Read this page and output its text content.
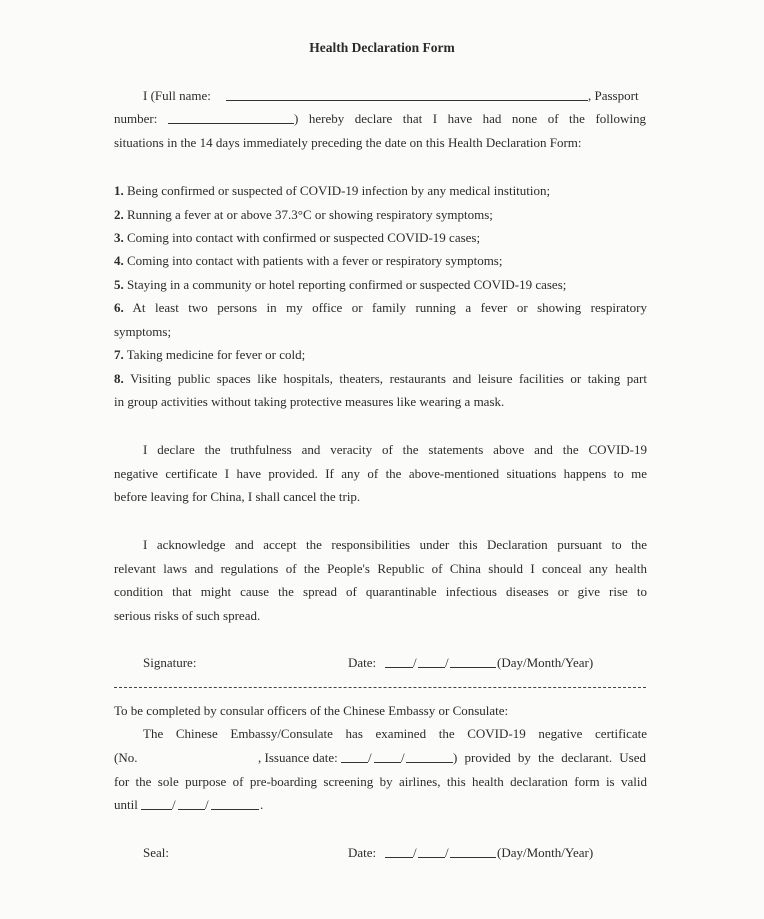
Health Declaration Form
I (Full name:	, Passport
number:	) hereby declare that I have had none of the following
situations in the 14 days immediately preceding the date on this Health Declaration Form:
1. Being confirmed or suspected of COVID-19 infection by any medical institution;
2. Running a fever at or above 37.3°C or showing respiratory symptoms;
3. Coming into contact with confirmed or suspected COVID-19 cases;
4. Coming into contact with patients with a fever or respiratory symptoms;
5. Staying in a community or hotel reporting confirmed or suspected COVID-19 cases;
6. At least two persons in my office or family running a fever or showing respiratory
symptoms;
7. Taking medicine for fever or cold;
8. Visiting public spaces like hospitals, theaters, restaurants and leisure facilities or taking part
in group activities without taking protective measures like wearing a mask.
I declare the truthfulness and veracity of the statements above and the COVID-19
negative certificate I have provided. If any of the above-mentioned situations happens to me
before leaving for China, I shall cancel the trip.
I acknowledge and accept the responsibilities under this Declaration pursuant to the
relevant laws and regulations of the People's Republic of China should I conceal any health
condition that might cause the spread of quarantinable infectious diseases or give rise to
serious risks of such spread.
Signature:	Date:	/ /	(Day/Month/Year)
To be completed by consular officers of the Chinese Embassy or Consulate:
The Chinese Embassy/Consulate has examined the COVID-19 negative certificate
(No.	, Issuance date: / /	) provided by the declarant. Used
for the sole purpose of pre-boarding screening by airlines, this health declaration form is valid
until	/ /	.
Seal:	Date:	/ /	(Day/Month/Year)
